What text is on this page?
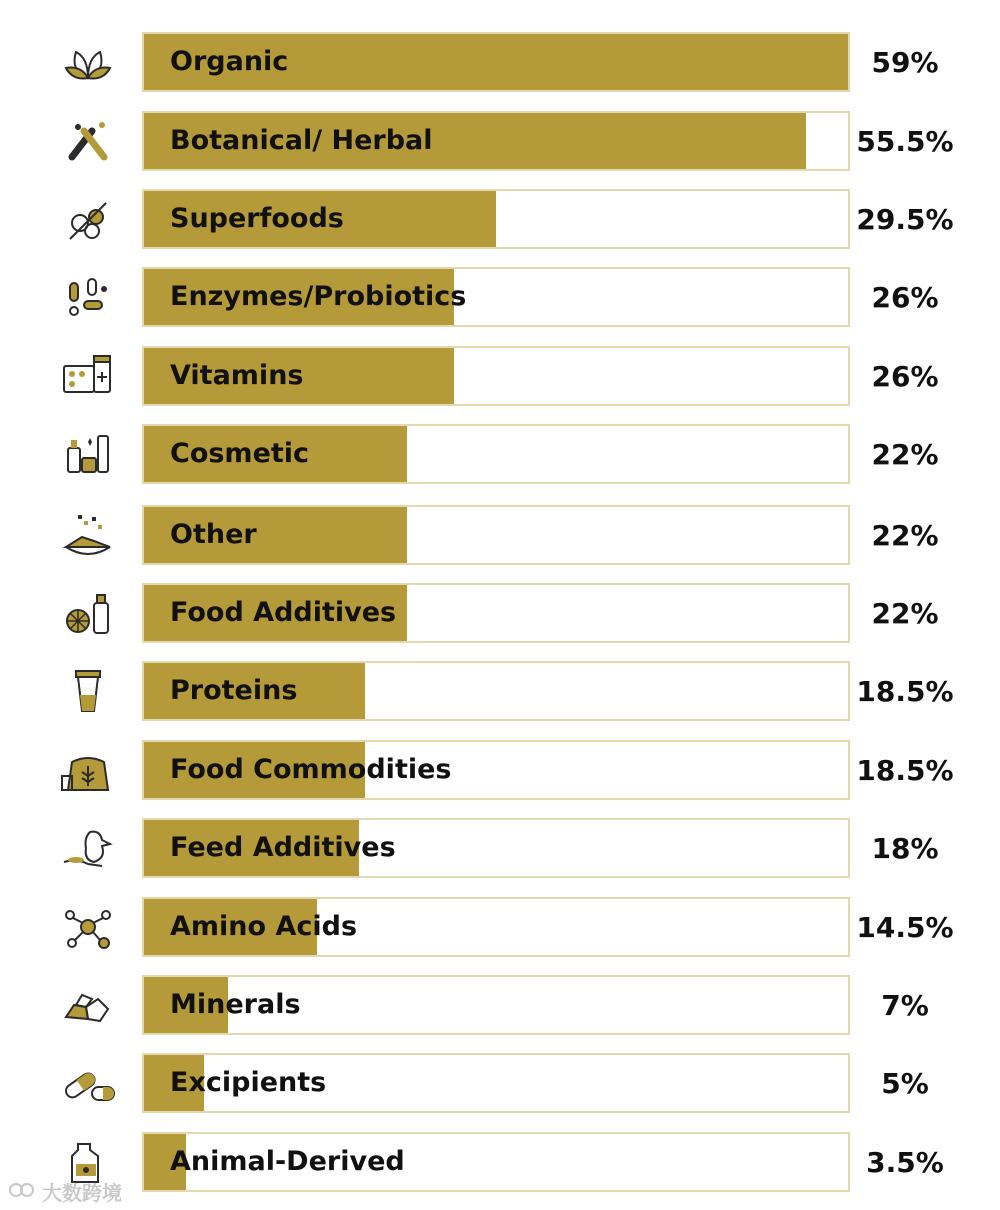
Organic	59%
Botanical/ Herbal	55.5%
Superfoods	29.5%
Enzymes/Probiotics	26%
Vitamins	26%
Cosmetic	22%
Other	22%
Food Additives	22%
Proteins	18.5%
Food Commodities	18.5%
Feed Additives	18%
Amino Acids	14.5%
Minerals	7%
Excipients	5%
Animal-Derived	3.5%
大数跨境
